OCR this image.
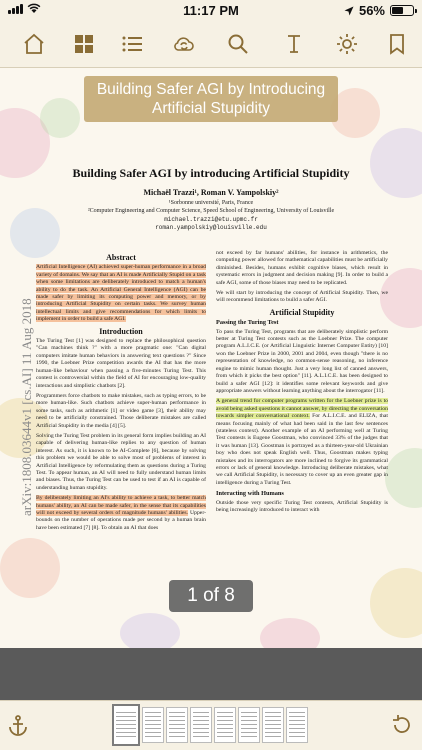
11:17 PM	56%
Building Safer AGI by Introducing Artificial Stupidity
Building Safer AGI by introducing Artificial Stupidity
Michaël Trazzi¹, Roman V. Yampolskiy²
¹Sorbonne université, Paris, France
²Computer Engineering and Computer Science, Speed School of Engineering, University of Louisville
michael.trazzi@etu.upmc.fr
roman.yampolskiy@louisville.edu
arXiv:1808.03644v1 [cs.AI] 11 Aug 2018
Abstract

Artificial Intelligence (AI) achieved super-human performance in a broad variety of domains. We say that an AI is made Artificially Stupid on a task when some limitations are deliberately introduced to match a human's ability to do the task. An Artificial General Intelligence (AGI) can be made safer by limiting its computing power and memory, or by introducing Artificial Stupidity on certain tasks. We survey human intellectual limits and give recommendations for which limits to implement in order to build a safe AGI.

Introduction

The Turing Test [1] was designed to replace the philosophical question "Can machines think ?" with a more pragmatic one: "Can digital computers imitate human behaviors in answering text questions ?" Since 1990, the Loebner Prize competition awards the AI that has the more human-like behaviour when passing a five-minutes Turing Test. This contest is controversial within the field of AI for encouraging low-quality interactions and simplistic chatbots [2].

Programmers force chatbots to make mistakes, such as typing errors, to be more human-like. Such chatbots achieve super-human performance in some tasks, such as arithmetic [1] or video game [3], their ability may need to be artificially constrained. Those deliberate mistakes are called Artificial Stupidity in the media [4] [5].

Solving the Turing Test problem in its general form implies building an AI capable of delivering human-like replies to any question of human interest. As such, it is known to be AI-Complete [6], because by solving this problem we would be able to solve most of problems of interest in Artificial Intelligence by reformulating them as questions during a Turing Test. To appear human, an AI will need to fully understand human limits and biases. Thus, the Turing Test can be used to test if an AI is capable of understanding human stupidity.

By deliberately limiting an AI's ability to achieve a task, to better match humans' ability, an AI can be made safer, in the sense that its capabilities will not exceed by several orders of magnitude humans' abilities. Upper-bounds on the number of operations made per second by a human brain have been estimated [7] [8]. To obtain an AI that does

not exceed by far humans' abilities, for instance in arithmetics, the computing power allowed for mathematical capabilities must be artificially diminished. Besides, humans exhibit cognitive biases, which result in systematic errors in judgment and decision making [9]. In order to build a safe AGI, some of those biases may need to be replicated.

We will start by introducing the concept of Artificial Stupidity. Then, we will recommend limitations to build a safer AGI.

Artificial Stupidity
Passing the Turing Test

To pass the Turing Test, programs that are deliberately simplistic perform better at Turing Test contests such as the Loebner Prize. The computer program A.L.I.C.E. (or Artificial Linguistic Internet Computer Entity) [10] won the Loebner Prize in 2000, 2001 and 2004, even though "there is no representation of knowledge, no common-sense reasoning, no inference engine to mimic human thought. Just a very long list of canned answers, from which it picks the best option" [11]. A.L.I.C.E. has been designed to build a safer AGI [12]: it identifies some relevant keywords and give appropriate answers without learning anything about the interrogator [11].

A general trend for computer programs written for the Loebner prize is to avoid being asked questions it cannot answer, by directing the conversation towards simpler conversational context. For A.L.I.C.E. and ELIZA, that means focusing mainly of what had been said in the last few sentences (stateless context). Another example of an AI performing well at Turing Test contests is Eugene Goostman, who convinced 33% of the judges that it was human [13]. Goostman is portrayed as a thirteen-year-old Ukrainian boy who does not speak English well. Thus, Goostman makes typing mistakes and its interrogators are more inclined to forgive its grammatical errors or lack of general knowledge. Introducing deliberate mistakes, what we call Artificial Stupidity, is necessary to cover up an even greater gap in intelligence during a Turing Test.

Interacting with Humans

Outside those very specific Turing Test contests, Artificial Stupidity is being increasingly introduced to interact with

1 of 8
